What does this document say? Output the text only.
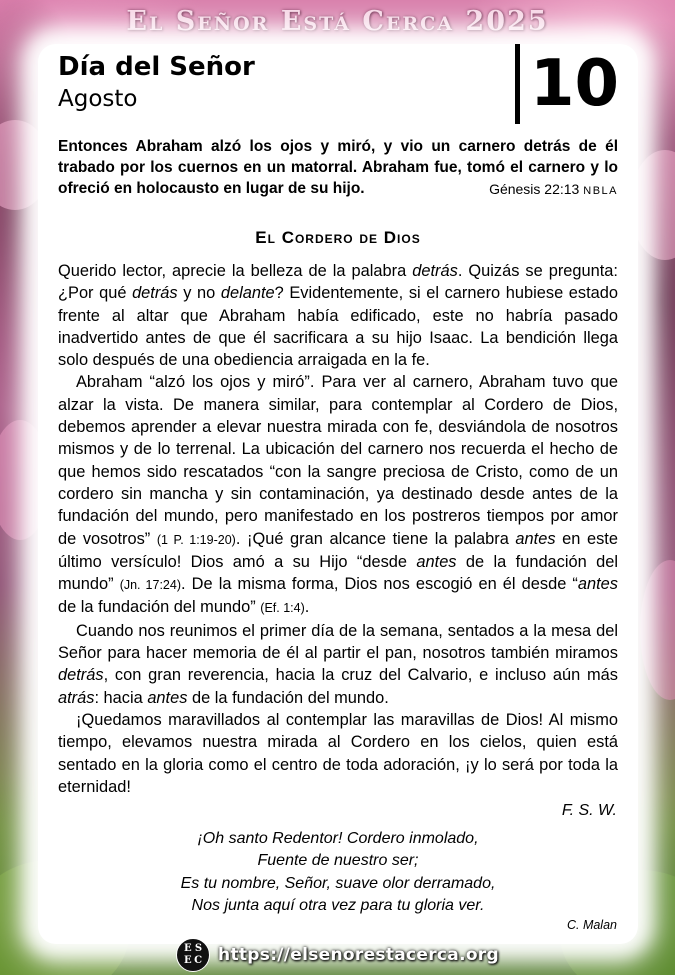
El Señor Está Cerca 2025
Día del Señor
Agosto	10
Entonces Abraham alzó los ojos y miró, y vio un carnero detrás de él trabado por los cuernos en un matorral. Abraham fue, tomó el carnero y lo ofreció en holocausto en lugar de su hijo.	Génesis 22:13 NBLA
El Cordero de Dios

Querido lector, aprecie la belleza de la palabra detrás. Quizás se pregunta: ¿Por qué detrás y no delante? Evidentemente, si el carnero hubiese estado frente al altar que Abraham había edificado, este no habría pasado inadvertido antes de que él sacrificara a su hijo Isaac. La bendición llega solo después de una obediencia arraigada en la fe.

Abraham “alzó los ojos y miró”. Para ver al carnero, Abraham tuvo que alzar la vista. De manera similar, para contemplar al Cordero de Dios, debemos aprender a elevar nuestra mirada con fe, desviándola de nosotros mismos y de lo terrenal. La ubicación del carnero nos recuerda el hecho de que hemos sido rescatados “con la sangre preciosa de Cristo, como de un cordero sin mancha y sin contaminación, ya destinado desde antes de la fundación del mundo, pero manifestado en los postreros tiempos por amor de vosotros” (1 P. 1:19-20). ¡Qué gran alcance tiene la palabra antes en este último versículo! Dios amó a su Hijo “desde antes de la fundación del mundo” (Jn. 17:24). De la misma forma, Dios nos escogió en él desde “antes de la fundación del mundo” (Ef. 1:4).

Cuando nos reunimos el primer día de la semana, sentados a la mesa del Señor para hacer memoria de él al partir el pan, nosotros también miramos detrás, con gran reverencia, hacia la cruz del Calvario, e incluso aún más atrás: hacia antes de la fundación del mundo.

¡Quedamos maravillados al contemplar las maravillas de Dios! Al mismo tiempo, elevamos nuestra mirada al Cordero en los cielos, quien está sentado en la gloria como el centro de toda adoración, ¡y lo será por toda la eternidad!

F. S. W.
¡Oh santo Redentor! Cordero inmolado,
Fuente de nuestro ser;
Es tu nombre, Señor, suave olor derramado,
Nos junta aquí otra vez para tu gloria ver.
C. Malan
E S
E C https://elsenorestacerca.org
